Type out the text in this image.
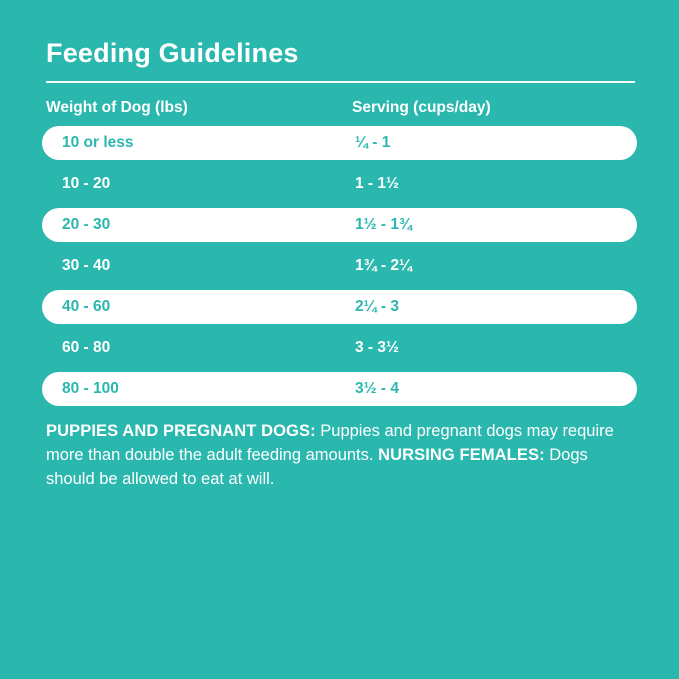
Feeding Guidelines
Weight of Dog (lbs)	Serving (cups/day)
10 or less	¼ - 1
10 - 20	1 - 1½
20 - 30	1½ - 1¾
30 - 40	1¾ - 2¼
40 - 60	2¼ - 3
60 - 80	3 - 3½
80 - 100	3½ - 4
PUPPIES AND PREGNANT DOGS: Puppies and pregnant dogs may require more than double the adult feeding amounts. NURSING FEMALES: Dogs should be allowed to eat at will.
